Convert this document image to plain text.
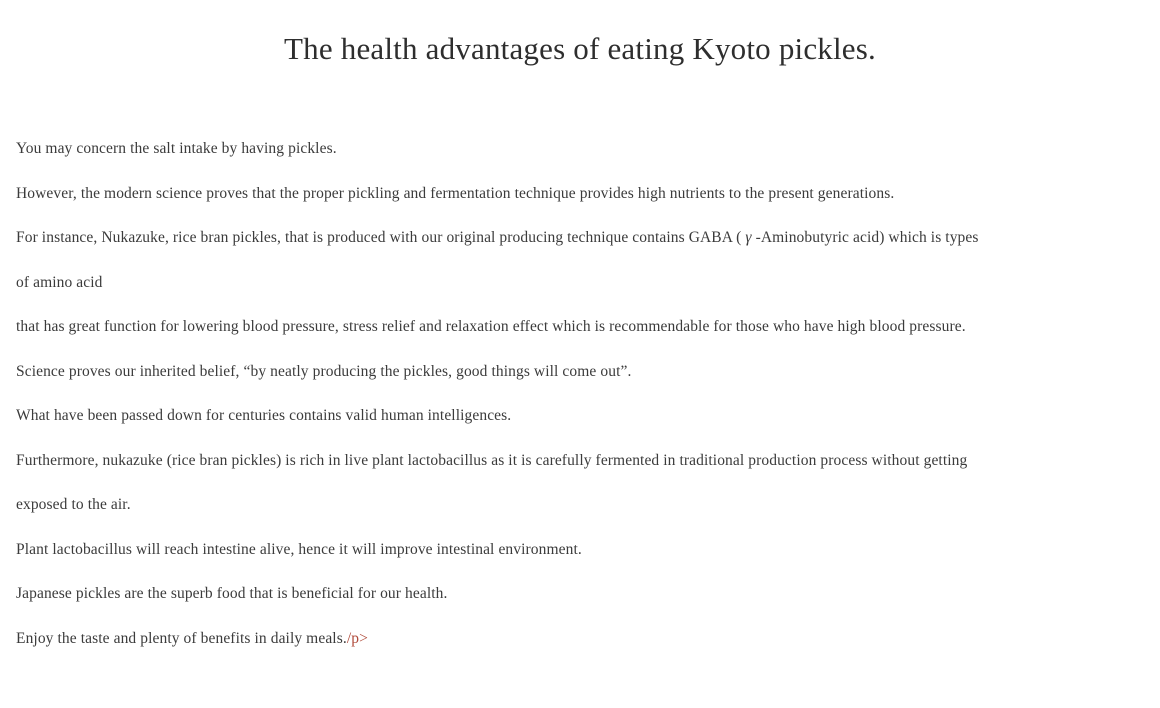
The health advantages of eating Kyoto pickles.

You may concern the salt intake by having pickles.

However, the modern science proves that the proper pickling and fermentation technique provides high nutrients to the present generations.

For instance, Nukazuke, rice bran pickles, that is produced with our original producing technique contains GABA ( γ -Aminobutyric acid) which is types
of amino acid

that has great function for lowering blood pressure, stress relief and relaxation effect which is recommendable for those who have high blood pressure.

Science proves our inherited belief, “by neatly producing the pickles, good things will come out”.

What have been passed down for centuries contains valid human intelligences.

Furthermore, nukazuke (rice bran pickles) is rich in live plant lactobacillus as it is carefully fermented in traditional production process without getting
exposed to the air.

Plant lactobacillus will reach intestine alive, hence it will improve intestinal environment.

Japanese pickles are the superb food that is beneficial for our health.

Enjoy the taste and plenty of benefits in daily meals./p>
